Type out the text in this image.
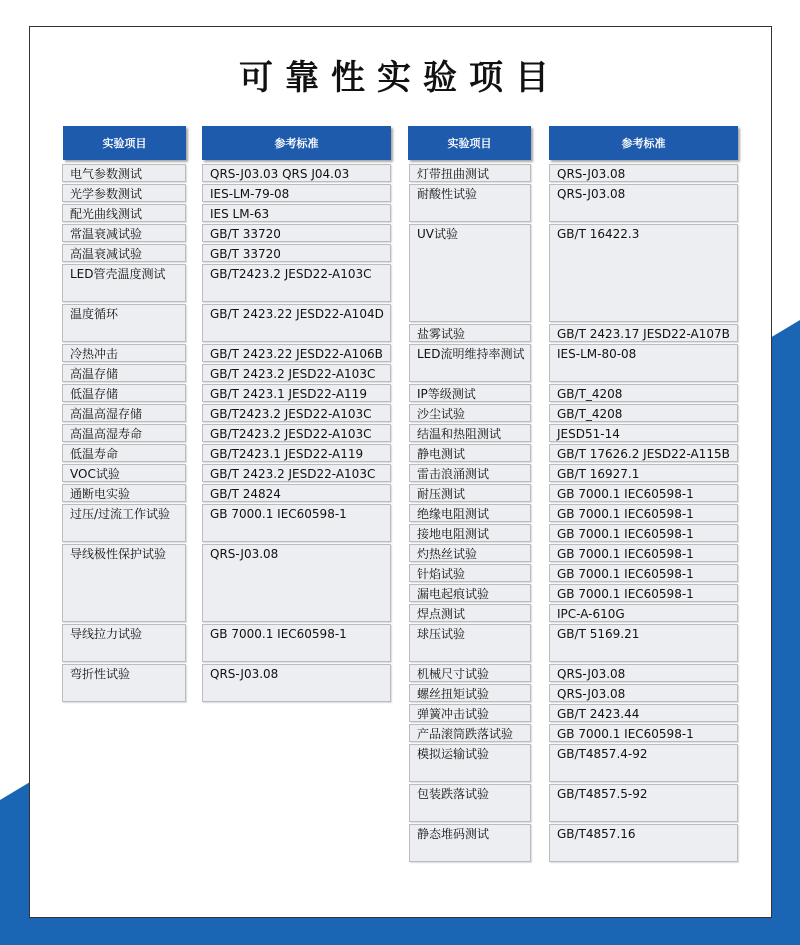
可靠性实验项目
实验项目	参考标准	实验项目	参考标准
电气参数测试	QRS-J03.03 QRS J04.03
光学参数测试	IES-LM-79-08
配光曲线测试	IES LM-63
常温衰减试验	GB/T 33720
高温衰减试验	GB/T 33720
LED管壳温度测试	GB/T2423.2 JESD22-A103C
温度循环	GB/T 2423.22 JESD22-A104D
冷热冲击	GB/T 2423.22 JESD22-A106B
高温存储	GB/T 2423.2 JESD22-A103C
低温存储	GB/T 2423.1 JESD22-A119
高温高湿存储	GB/T2423.2 JESD22-A103C
高温高湿寿命	GB/T2423.2 JESD22-A103C
低温寿命	GB/T2423.1 JESD22-A119
VOC试验	GB/T 2423.2 JESD22-A103C
通断电实验	GB/T 24824
过压/过流工作试验	GB 7000.1 IEC60598-1
导线极性保护试验	QRS-J03.08
导线拉力试验	GB 7000.1 IEC60598-1
弯折性试验	QRS-J03.08
灯带扭曲测试	QRS-J03.08
耐酸性试验	QRS-J03.08
UV试验	GB/T 16422.3
盐雾试验	GB/T 2423.17 JESD22-A107B
LED流明维持率测试	IES-LM-80-08
IP等级测试	GB/T_4208
沙尘试验	GB/T_4208
结温和热阻测试	JESD51-14
静电测试	GB/T 17626.2 JESD22-A115B
雷击浪涌测试	GB/T 16927.1
耐压测试	GB 7000.1 IEC60598-1
绝缘电阻测试	GB 7000.1 IEC60598-1
接地电阻测试	GB 7000.1 IEC60598-1
灼热丝试验	GB 7000.1 IEC60598-1
针焰试验	GB 7000.1 IEC60598-1
漏电起痕试验	GB 7000.1 IEC60598-1
焊点测试	IPC-A-610G
球压试验	GB/T 5169.21
机械尺寸试验	QRS-J03.08
螺丝扭矩试验	QRS-J03.08
弹簧冲击试验	GB/T 2423.44
产品滚筒跌落试验	GB 7000.1 IEC60598-1
模拟运输试验	GB/T4857.4-92
包装跌落试验	GB/T4857.5-92
静态堆码测试	GB/T4857.16
